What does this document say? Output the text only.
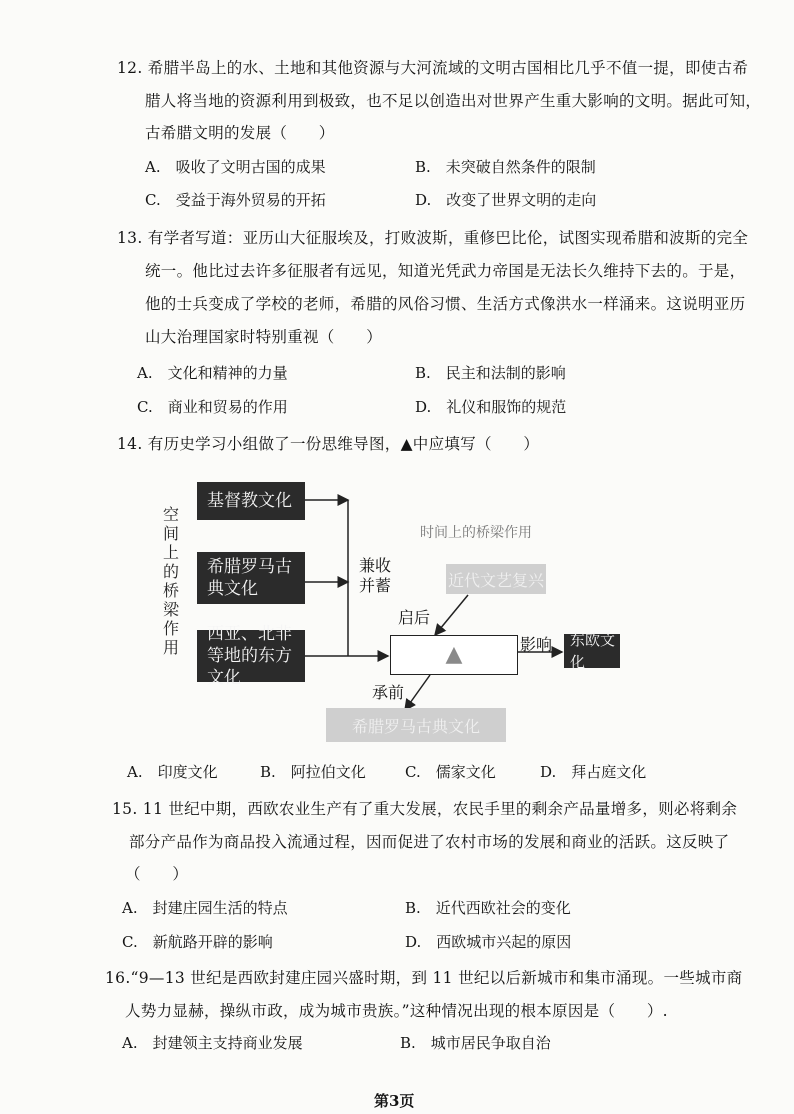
12. 希腊半岛上的水、土地和其他资源与大河流域的文明古国相比几乎不值一提，即使古希
腊人将当地的资源利用到极致，也不足以创造出对世界产生重大影响的文明。据此可知，
古希腊文明的发展（　　）
A.　吸收了文明古国的成果	B.　未突破自然条件的限制
C.　受益于海外贸易的开拓	D.　改变了世界文明的走向
13. 有学者写道：亚历山大征服埃及，打败波斯，重修巴比伦，试图实现希腊和波斯的完全
统一。他比过去许多征服者有远见，知道光凭武力帝国是无法长久维持下去的。于是，
他的士兵变成了学校的老师，希腊的风俗习惯、生活方式像洪水一样涌来。这说明亚历
山大治理国家时特别重视（　　）
A.　文化和精神的力量	B.　民主和法制的影响
C.　商业和贸易的作用	D.　礼仪和服饰的规范
14. 有历史学习小组做了一份思维导图，▲中应填写（　　）
空间上的桥梁作用
基督教文化
希腊罗马古典文化
西亚、北非等地的东方文化
兼收并蓄
时间上的桥梁作用
近代文艺复兴
启后
▲	影响	东欧文化
承前
希腊罗马古典文化
A.　印度文化	B.　阿拉伯文化	C.　儒家文化	D.　拜占庭文化
15. 11 世纪中期，西欧农业生产有了重大发展，农民手里的剩余产品量增多，则必将剩余
部分产品作为商品投入流通过程，因而促进了农村市场的发展和商业的活跃。这反映了
（　　）
A.　封建庄园生活的特点	B.　近代西欧社会的变化
C.　新航路开辟的影响	D.　西欧城市兴起的原因
16.“9—13 世纪是西欧封建庄园兴盛时期，到 11 世纪以后新城市和集市涌现。一些城市商
人势力显赫，操纵市政，成为城市贵族。”这种情况出现的根本原因是（　　）.
A.　封建领主支持商业发展	B.　城市居民争取自治
第3页
